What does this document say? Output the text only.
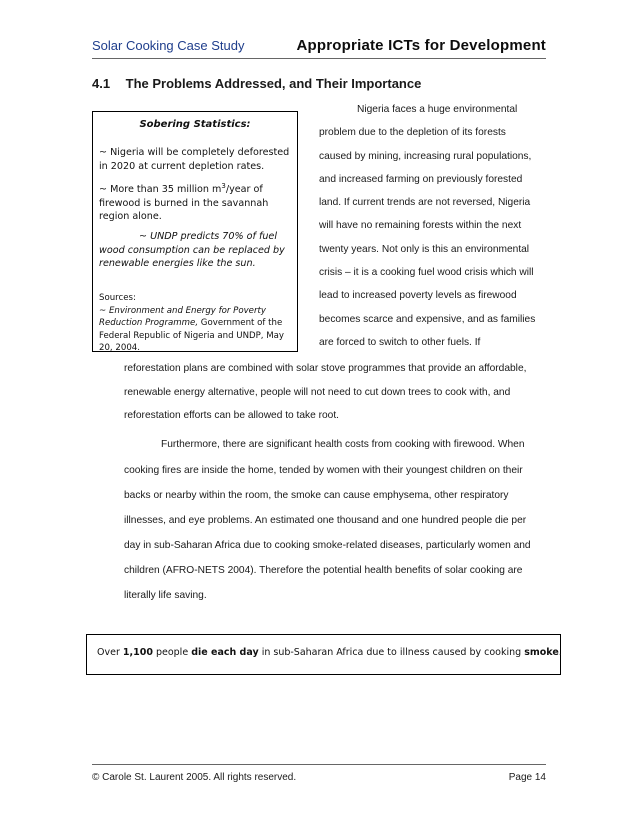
Solar Cooking Case Study	Appropriate ICTs for Development
4.1 The Problems Addressed, and Their Importance
Sobering Statistics:
~ Nigeria will be completely deforested in 2020 at current depletion rates.
~ More than 35 million $m^3$/year of firewood is burned in the savannah region alone.
~ UNDP predicts 70% of fuel
wood consumption can be replaced by
renewable energies like the sun.
Sources:
~ Environment and Energy for Poverty Reduction Programme, Government of the Federal Republic of Nigeria and UNDP, May 20, 2004.
Nigeria faces a huge environmental
problem due to the depletion of its forests
caused by mining, increasing rural populations,
and increased farming on previously forested
land. If current trends are not reversed, Nigeria
will have no remaining forests within the next
twenty years. Not only is this an environmental
crisis – it is a cooking fuel wood crisis which will
lead to increased poverty levels as firewood
becomes scarce and expensive, and as families
are forced to switch to other fuels. If
reforestation plans are combined with solar stove programmes that provide an affordable,
renewable energy alternative, people will not need to cut down trees to cook with, and
reforestation efforts can be allowed to take root.
Furthermore, there are significant health costs from cooking with firewood. When
cooking fires are inside the home, tended by women with their youngest children on their
backs or nearby within the room, the smoke can cause emphysema, other respiratory
illnesses, and eye problems. An estimated one thousand and one hundred people die per
day in sub-Saharan Africa due to cooking smoke-related diseases, particularly women and
children (AFRO-NETS 2004). Therefore the potential health benefits of solar cooking are
literally life saving.
Over 1,100 people die each day in sub-Saharan Africa due to illness caused by cooking smoke.
© Carole St. Laurent 2005. All rights reserved.	Page 14
